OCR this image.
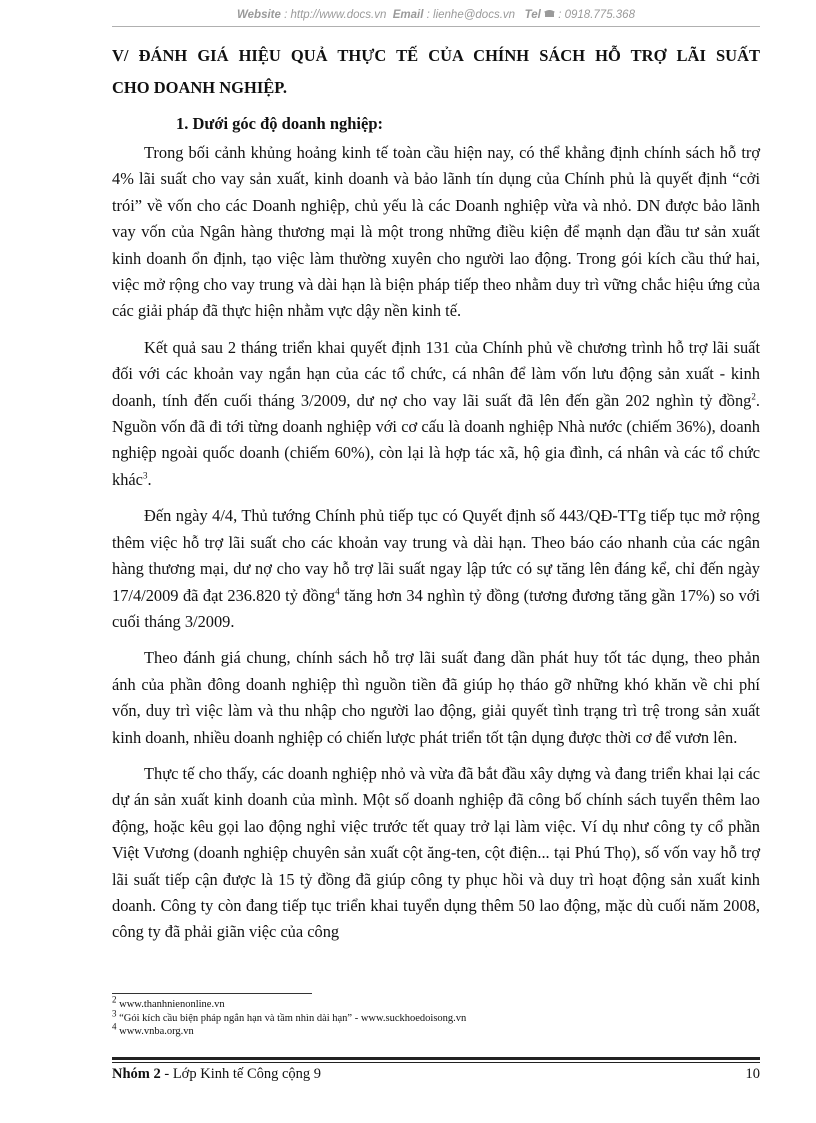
Website : http://www.docs.vn Email : lienhe@docs.vn Tel : 0918.775.368
V/ ĐÁNH GIÁ HIỆU QUẢ THỰC TẾ CỦA CHÍNH SÁCH HỖ TRỢ LÃI SUẤT
CHO DOANH NGHIỆP.
1. Dưới góc độ doanh nghiệp:

Trong bối cảnh khủng hoảng kinh tế toàn cầu hiện nay, có thể khẳng định chính sách hỗ trợ 4% lãi suất cho vay sản xuất, kinh doanh và bảo lãnh tín dụng của Chính phủ là quyết định “cởi trói” về vốn cho các Doanh nghiệp, chủ yếu là các Doanh nghiệp vừa và nhỏ. DN được bảo lãnh vay vốn của Ngân hàng thương mại là một trong những điều kiện để mạnh dạn đầu tư sản xuất kinh doanh ổn định, tạo việc làm thường xuyên cho người lao động. Trong gói kích cầu thứ hai, việc mở rộng cho vay trung và dài hạn là biện pháp tiếp theo nhằm duy trì vững chắc hiệu ứng của các giải pháp đã thực hiện nhằm vực dậy nền kinh tế.

Kết quả sau 2 tháng triển khai quyết định 131 của Chính phủ về chương trình hỗ trợ lãi suất đối với các khoản vay ngắn hạn của các tổ chức, cá nhân để làm vốn lưu động sản xuất - kinh doanh, tính đến cuối tháng 3/2009, dư nợ cho vay lãi suất đã lên đến gần 202 nghìn tỷ đồng$^2$. Nguồn vốn đã đi tới từng doanh nghiệp với cơ cấu là doanh nghiệp Nhà nước (chiếm 36%), doanh nghiệp ngoài quốc doanh (chiếm 60%), còn lại là hợp tác xã, hộ gia đình, cá nhân và các tổ chức khác$^3$.

Đến ngày 4/4, Thủ tướng Chính phủ tiếp tục có Quyết định số 443/QĐ-TTg tiếp tục mở rộng thêm việc hỗ trợ lãi suất cho các khoản vay trung và dài hạn. Theo báo cáo nhanh của các ngân hàng thương mại, dư nợ cho vay hỗ trợ lãi suất ngay lập tức có sự tăng lên đáng kể, chỉ đến ngày 17/4/2009 đã đạt 236.820 tỷ đồng$^4$ tăng hơn 34 nghìn tỷ đồng (tương đương tăng gần 17%) so với cuối tháng 3/2009.

Theo đánh giá chung, chính sách hỗ trợ lãi suất đang dần phát huy tốt tác dụng, theo phản ánh của phần đông doanh nghiệp thì nguồn tiền đã giúp họ tháo gỡ những khó khăn về chi phí vốn, duy trì việc làm và thu nhập cho người lao động, giải quyết tình trạng trì trệ trong sản xuất kinh doanh, nhiều doanh nghiệp có chiến lược phát triển tốt tận dụng được thời cơ để vươn lên.

Thực tế cho thấy, các doanh nghiệp nhỏ và vừa đã bắt đầu xây dựng và đang triển khai lại các dự án sản xuất kinh doanh của mình. Một số doanh nghiệp đã công bố chính sách tuyển thêm lao động, hoặc kêu gọi lao động nghỉ việc trước tết quay trở lại làm việc. Ví dụ như công ty cổ phần Việt Vương (doanh nghiệp chuyên sản xuất cột ăng-ten, cột điện... tại Phú Thọ), số vốn vay hỗ trợ lãi suất tiếp cận được là 15 tỷ đồng đã giúp công ty phục hồi và duy trì hoạt động sản xuất kinh doanh. Công ty còn đang tiếp tục triển khai tuyển dụng thêm 50 lao động, mặc dù cuối năm 2008, công ty đã phải giãn việc của công

$^2$ www.thanhnienonline.vn
$^3$ “Gói kích cầu biện pháp ngắn hạn và tầm nhìn dài hạn” - www.suckhoedoisong.vn
$^4$ www.vnba.org.vn
Nhóm 2 - Lớp Kinh tế Công cộng 9	10
